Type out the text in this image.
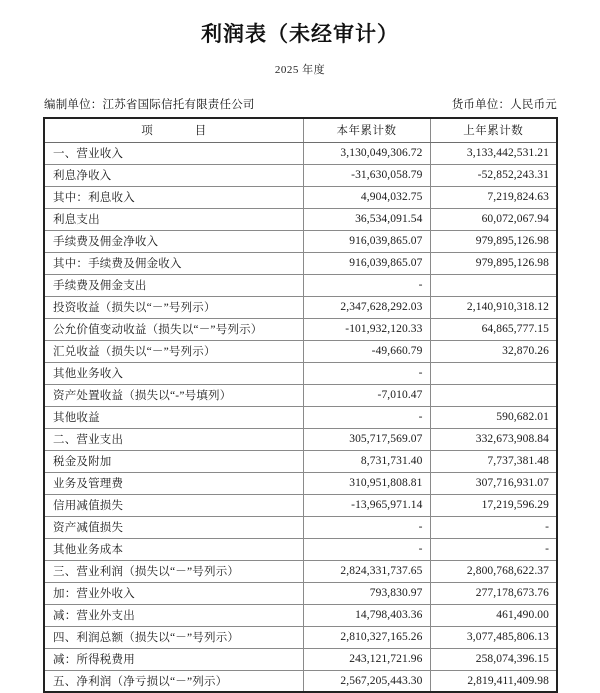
利润表（未经审计）

2025 年度

编制单位：江苏省国际信托有限责任公司	货币单位：人民币元
项 目	本年累计数	上年累计数
一、营业收入	3,130,049,306.72	3,133,442,531.21
利息净收入	-31,630,058.79	-52,852,243.31
其中：利息收入	4,904,032.75	7,219,824.63
利息支出	36,534,091.54	60,072,067.94
手续费及佣金净收入	916,039,865.07	979,895,126.98
其中：手续费及佣金收入	916,039,865.07	979,895,126.98
手续费及佣金支出	-	
投资收益（损失以“－”号列示）	2,347,628,292.03	2,140,910,318.12
公允价值变动收益（损失以“－”号列示）	-101,932,120.33	64,865,777.15
汇兑收益（损失以“－”号列示）	-49,660.79	32,870.26
其他业务收入	-	
资产处置收益（损失以“-”号填列）	-7,010.47	
其他收益	-	590,682.01
二、营业支出	305,717,569.07	332,673,908.84
税金及附加	8,731,731.40	7,737,381.48
业务及管理费	310,951,808.81	307,716,931.07
信用减值损失	-13,965,971.14	17,219,596.29
资产减值损失	-	-
其他业务成本	-	-
三、营业利润（损失以“－”号列示）	2,824,331,737.65	2,800,768,622.37
加：营业外收入	793,830.97	277,178,673.76
减：营业外支出	14,798,403.36	461,490.00
四、利润总额（损失以“－”号列示）	2,810,327,165.26	3,077,485,806.13
减：所得税费用	243,121,721.96	258,074,396.15
五、净利润（净亏损以“－”列示）	2,567,205,443.30	2,819,411,409.98
